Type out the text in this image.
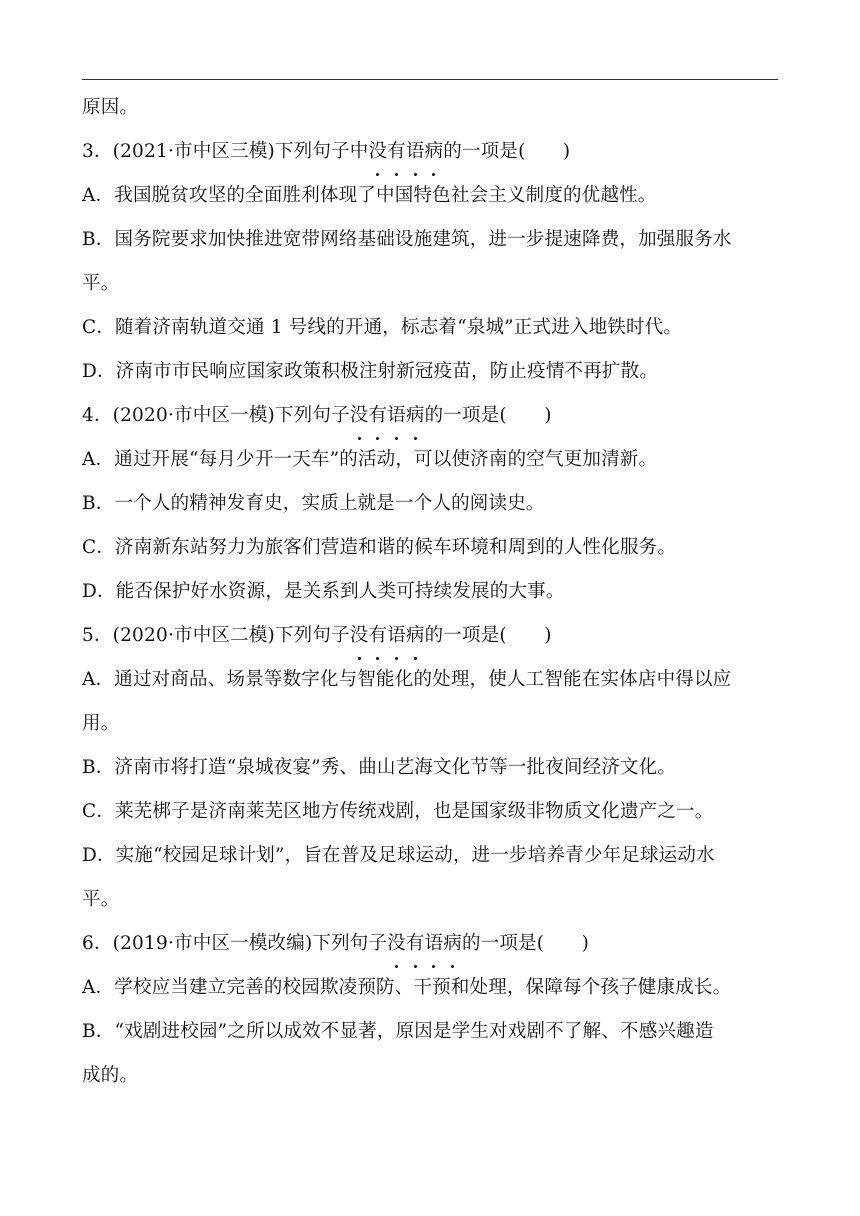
原因。
3．(2021·市中区三模)下列句子中没有语病的一项是(　　)
A．我国脱贫攻坚的全面胜利体现了中国特色社会主义制度的优越性。
B．国务院要求加快推进宽带网络基础设施建筑，进一步提速降费，加强服务水
平。
C．随着济南轨道交通 1 号线的开通，标志着“泉城”正式进入地铁时代。
D．济南市市民响应国家政策积极注射新冠疫苗，防止疫情不再扩散。
4．(2020·市中区一模)下列句子没有语病的一项是(　　)
A．通过开展“每月少开一天车”的活动，可以使济南的空气更加清新。
B．一个人的精神发育史，实质上就是一个人的阅读史。
C．济南新东站努力为旅客们营造和谐的候车环境和周到的人性化服务。
D．能否保护好水资源，是关系到人类可持续发展的大事。
5．(2020·市中区二模)下列句子没有语病的一项是(　　)
A．通过对商品、场景等数字化与智能化的处理，使人工智能在实体店中得以应
用。
B．济南市将打造“泉城夜宴”秀、曲山艺海文化节等一批夜间经济文化。
C．莱芜梆子是济南莱芜区地方传统戏剧，也是国家级非物质文化遗产之一。
D．实施“校园足球计划”，旨在普及足球运动，进一步培养青少年足球运动水
平。
6．(2019·市中区一模改编)下列句子没有语病的一项是(　　)
A．学校应当建立完善的校园欺凌预防、干预和处理，保障每个孩子健康成长。
B．“戏剧进校园”之所以成效不显著，原因是学生对戏剧不了解、不感兴趣造
成的。
